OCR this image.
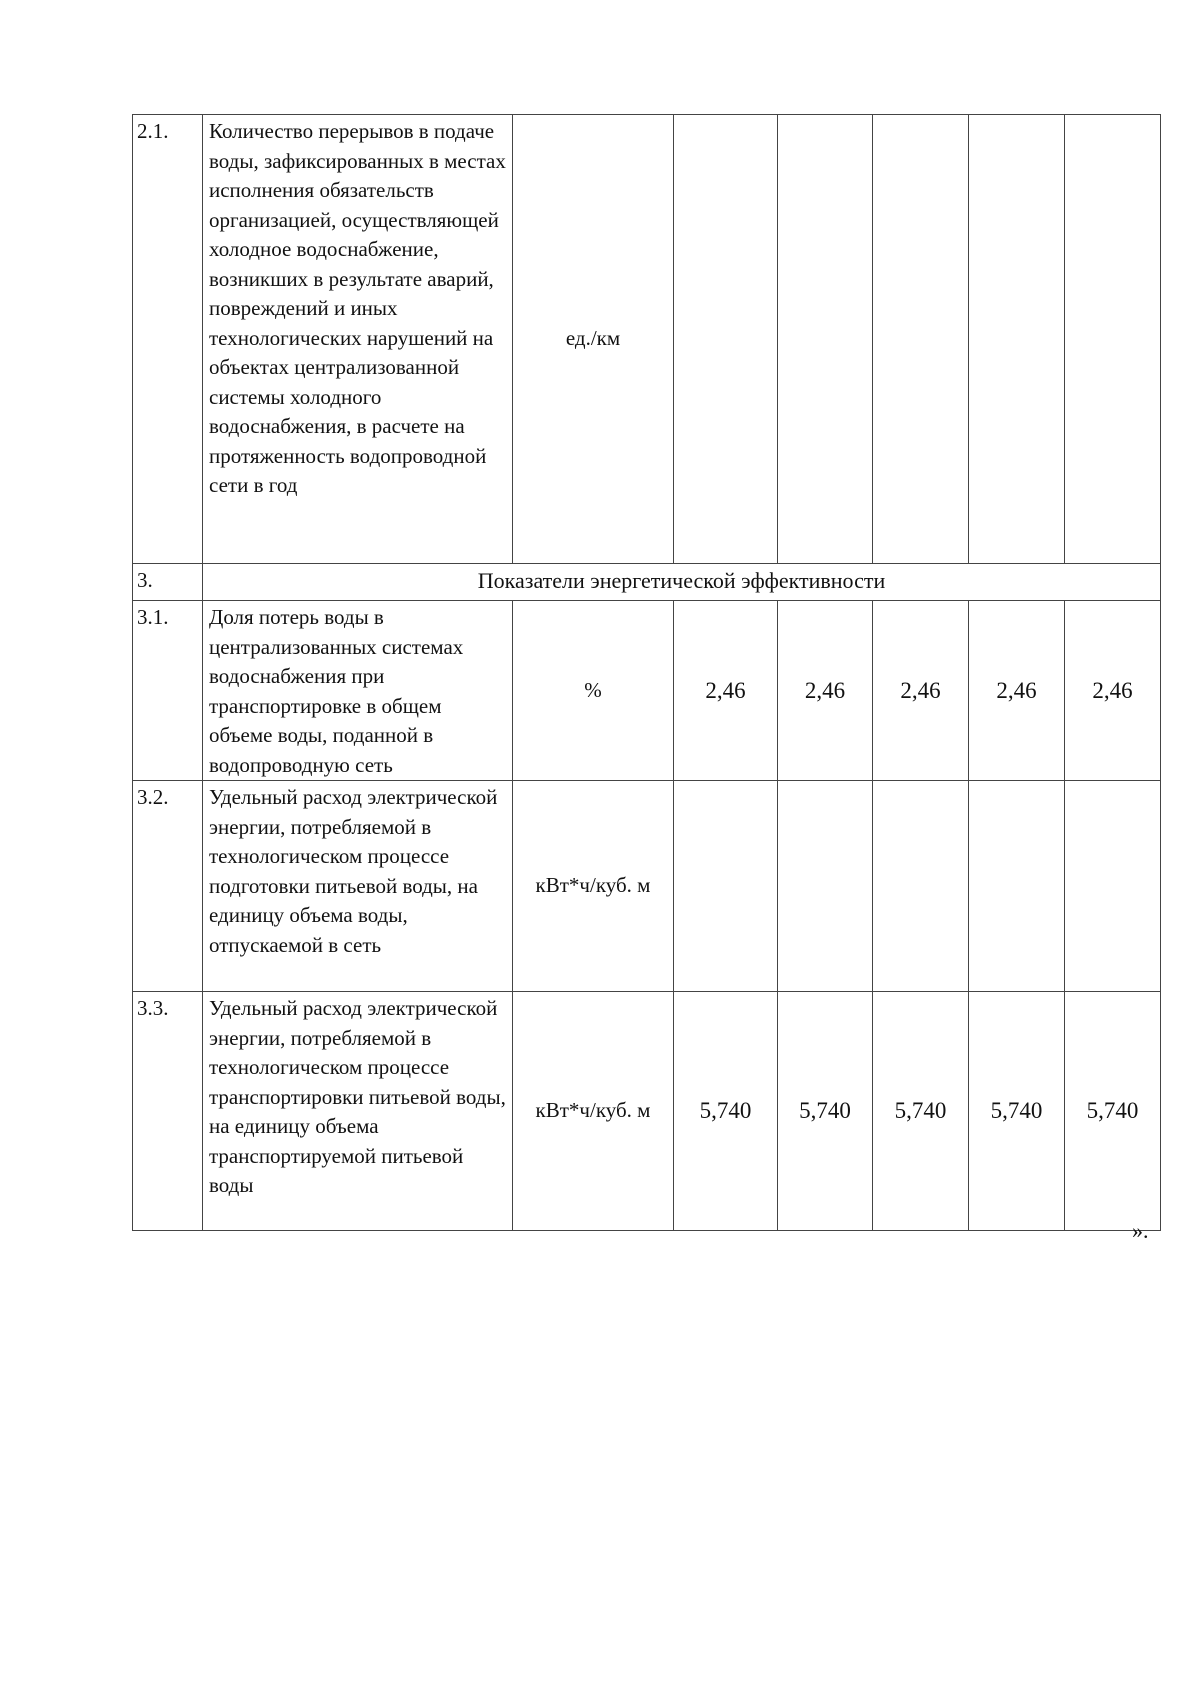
2.1.	Количество перерывов в подаче воды, зафиксированных в местах исполнения обязательств организацией, осуществляющей холодное водоснабжение, возникших в результате аварий, повреждений и иных технологических нарушений на объектах централизованной системы холодного водоснабжения, в расчете на протяженность водопроводной сети в год	ед./км					
3.	Показатели энергетической эффективности						
3.1.	Доля потерь воды в централизованных системах водоснабжения при транспортировке в общем объеме воды, поданной в водопроводную сеть	%	2,46	2,46	2,46	2,46	2,46
3.2.	Удельный расход электрической энергии, потребляемой в технологическом процессе подготовки питьевой воды, на единицу объема воды, отпускаемой в сеть	кВт*ч/куб. м					
3.3.	Удельный расход электрической энергии, потребляемой в технологическом процессе транспортировки питьевой воды, на единицу объема транспортируемой питьевой воды	кВт*ч/куб. м	5,740	5,740	5,740	5,740	5,740
».
